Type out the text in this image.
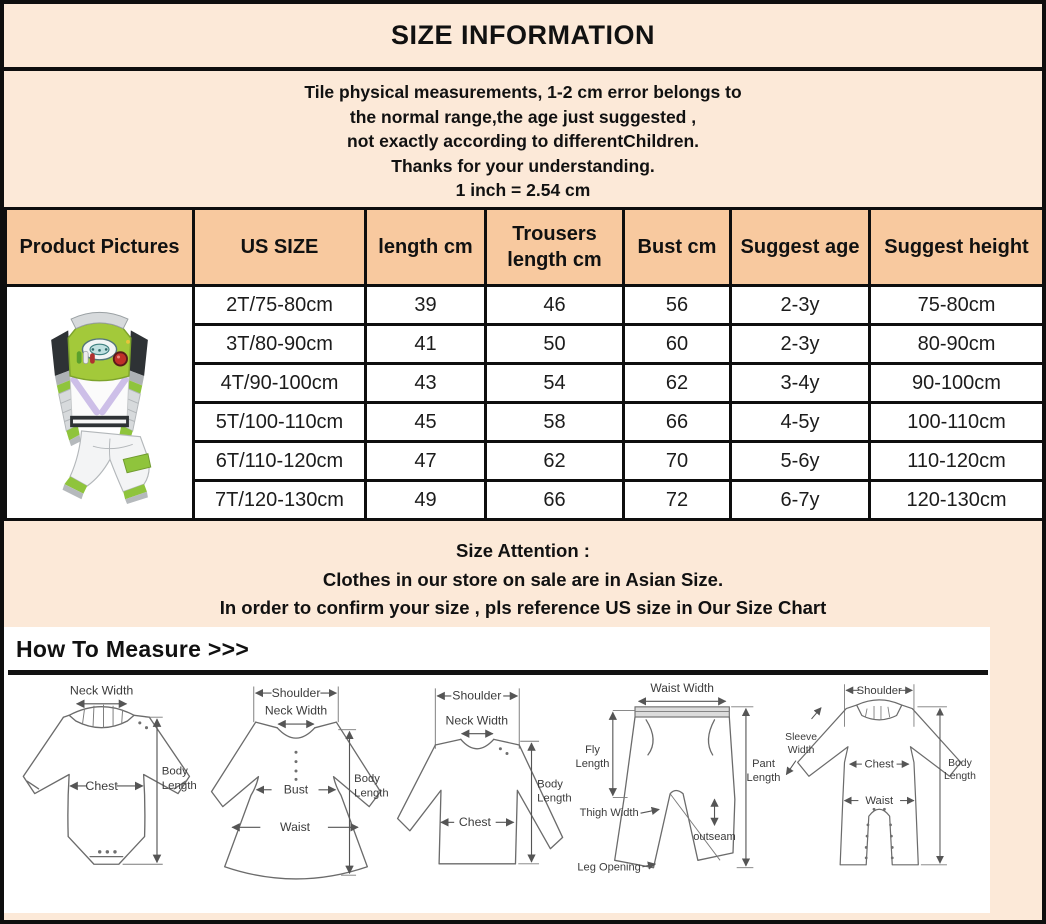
SIZE INFORMATION

Tile physical measurements, 1-2 cm error belongs to

the normal range,the age just suggested ,

not exactly according to differentChildren.

Thanks for your understanding.

1 inch = 2.54 cm

Product Pictures	US SIZE	length cm	Trousers length cm	Bust cm	Suggest age	Suggest height

	2T/75-80cm	39	46	56	2-3y	75-80cm
	3T/80-90cm	41	50	60	2-3y	80-90cm
	4T/90-100cm	43	54	62	3-4y	90-100cm
	5T/100-110cm	45	58	66	4-5y	100-110cm
	6T/110-120cm	47	62	70	5-6y	110-120cm
	7T/120-130cm	49	66	72	6-7y	120-130cm

Size Attention :

Clothes in our store on sale are in Asian Size.

In order to confirm your size , pls reference US size in Our Size Chart

How To Measure >>>
Neck Width
Chest
Body
Length
Shoulder
Neck Width
Bust
Waist
Body
Length
Shoulder
Neck Width
Chest
Body
Length
Waist Width
Fly
Length
Thigh Width
Leg Opening
Pant
Length
outseam
Shoulder
Chest
Waist
Sleeve
Width
Body
Length
